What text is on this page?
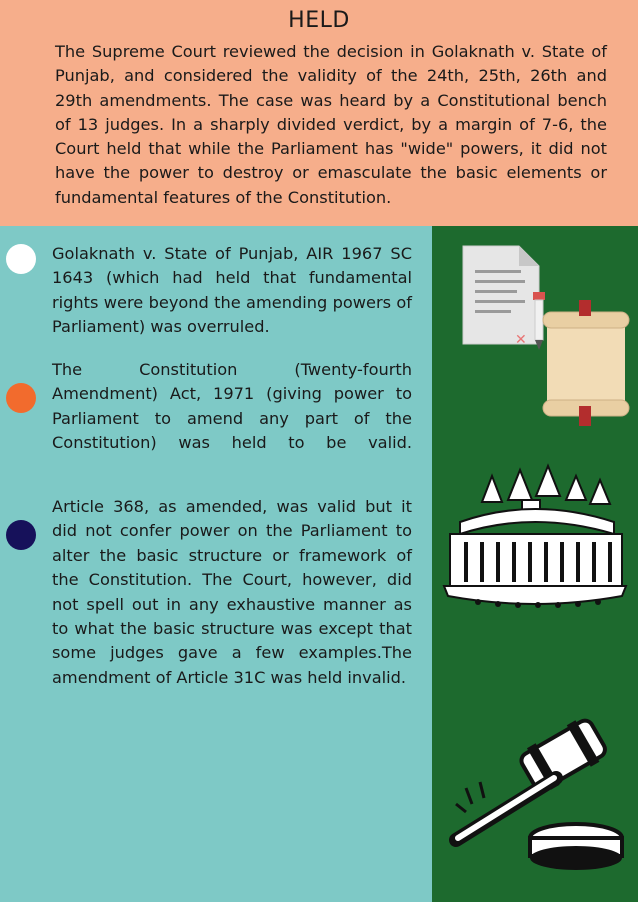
HELD
The Supreme Court reviewed the decision in Golaknath v. State of Punjab, and considered the validity of the 24th, 25th, 26th and 29th amendments. The case was heard by a Constitutional bench of 13 judges. In a sharply divided verdict, by a margin of 7-6, the Court held that while the Parliament has "wide" powers, it did not have the power to destroy or emasculate the basic elements or fundamental features of the Constitution.
Golaknath v. State of Punjab, AIR 1967 SC 1643 (which had held that fundamental rights were beyond the amending powers of Parliament) was overruled.
The Constitution (Twenty-fourth Amendment) Act, 1971 (giving power to Parliament to amend any part of the Constitution) was held to be valid.
Article 368, as amended, was valid but it did not confer power on the Parliament to alter the basic structure or framework of the Constitution. The Court, however, did not spell out in any exhaustive manner as to what the basic structure was except that some judges gave a few examples.The amendment of Article 31C was held invalid.
✕
